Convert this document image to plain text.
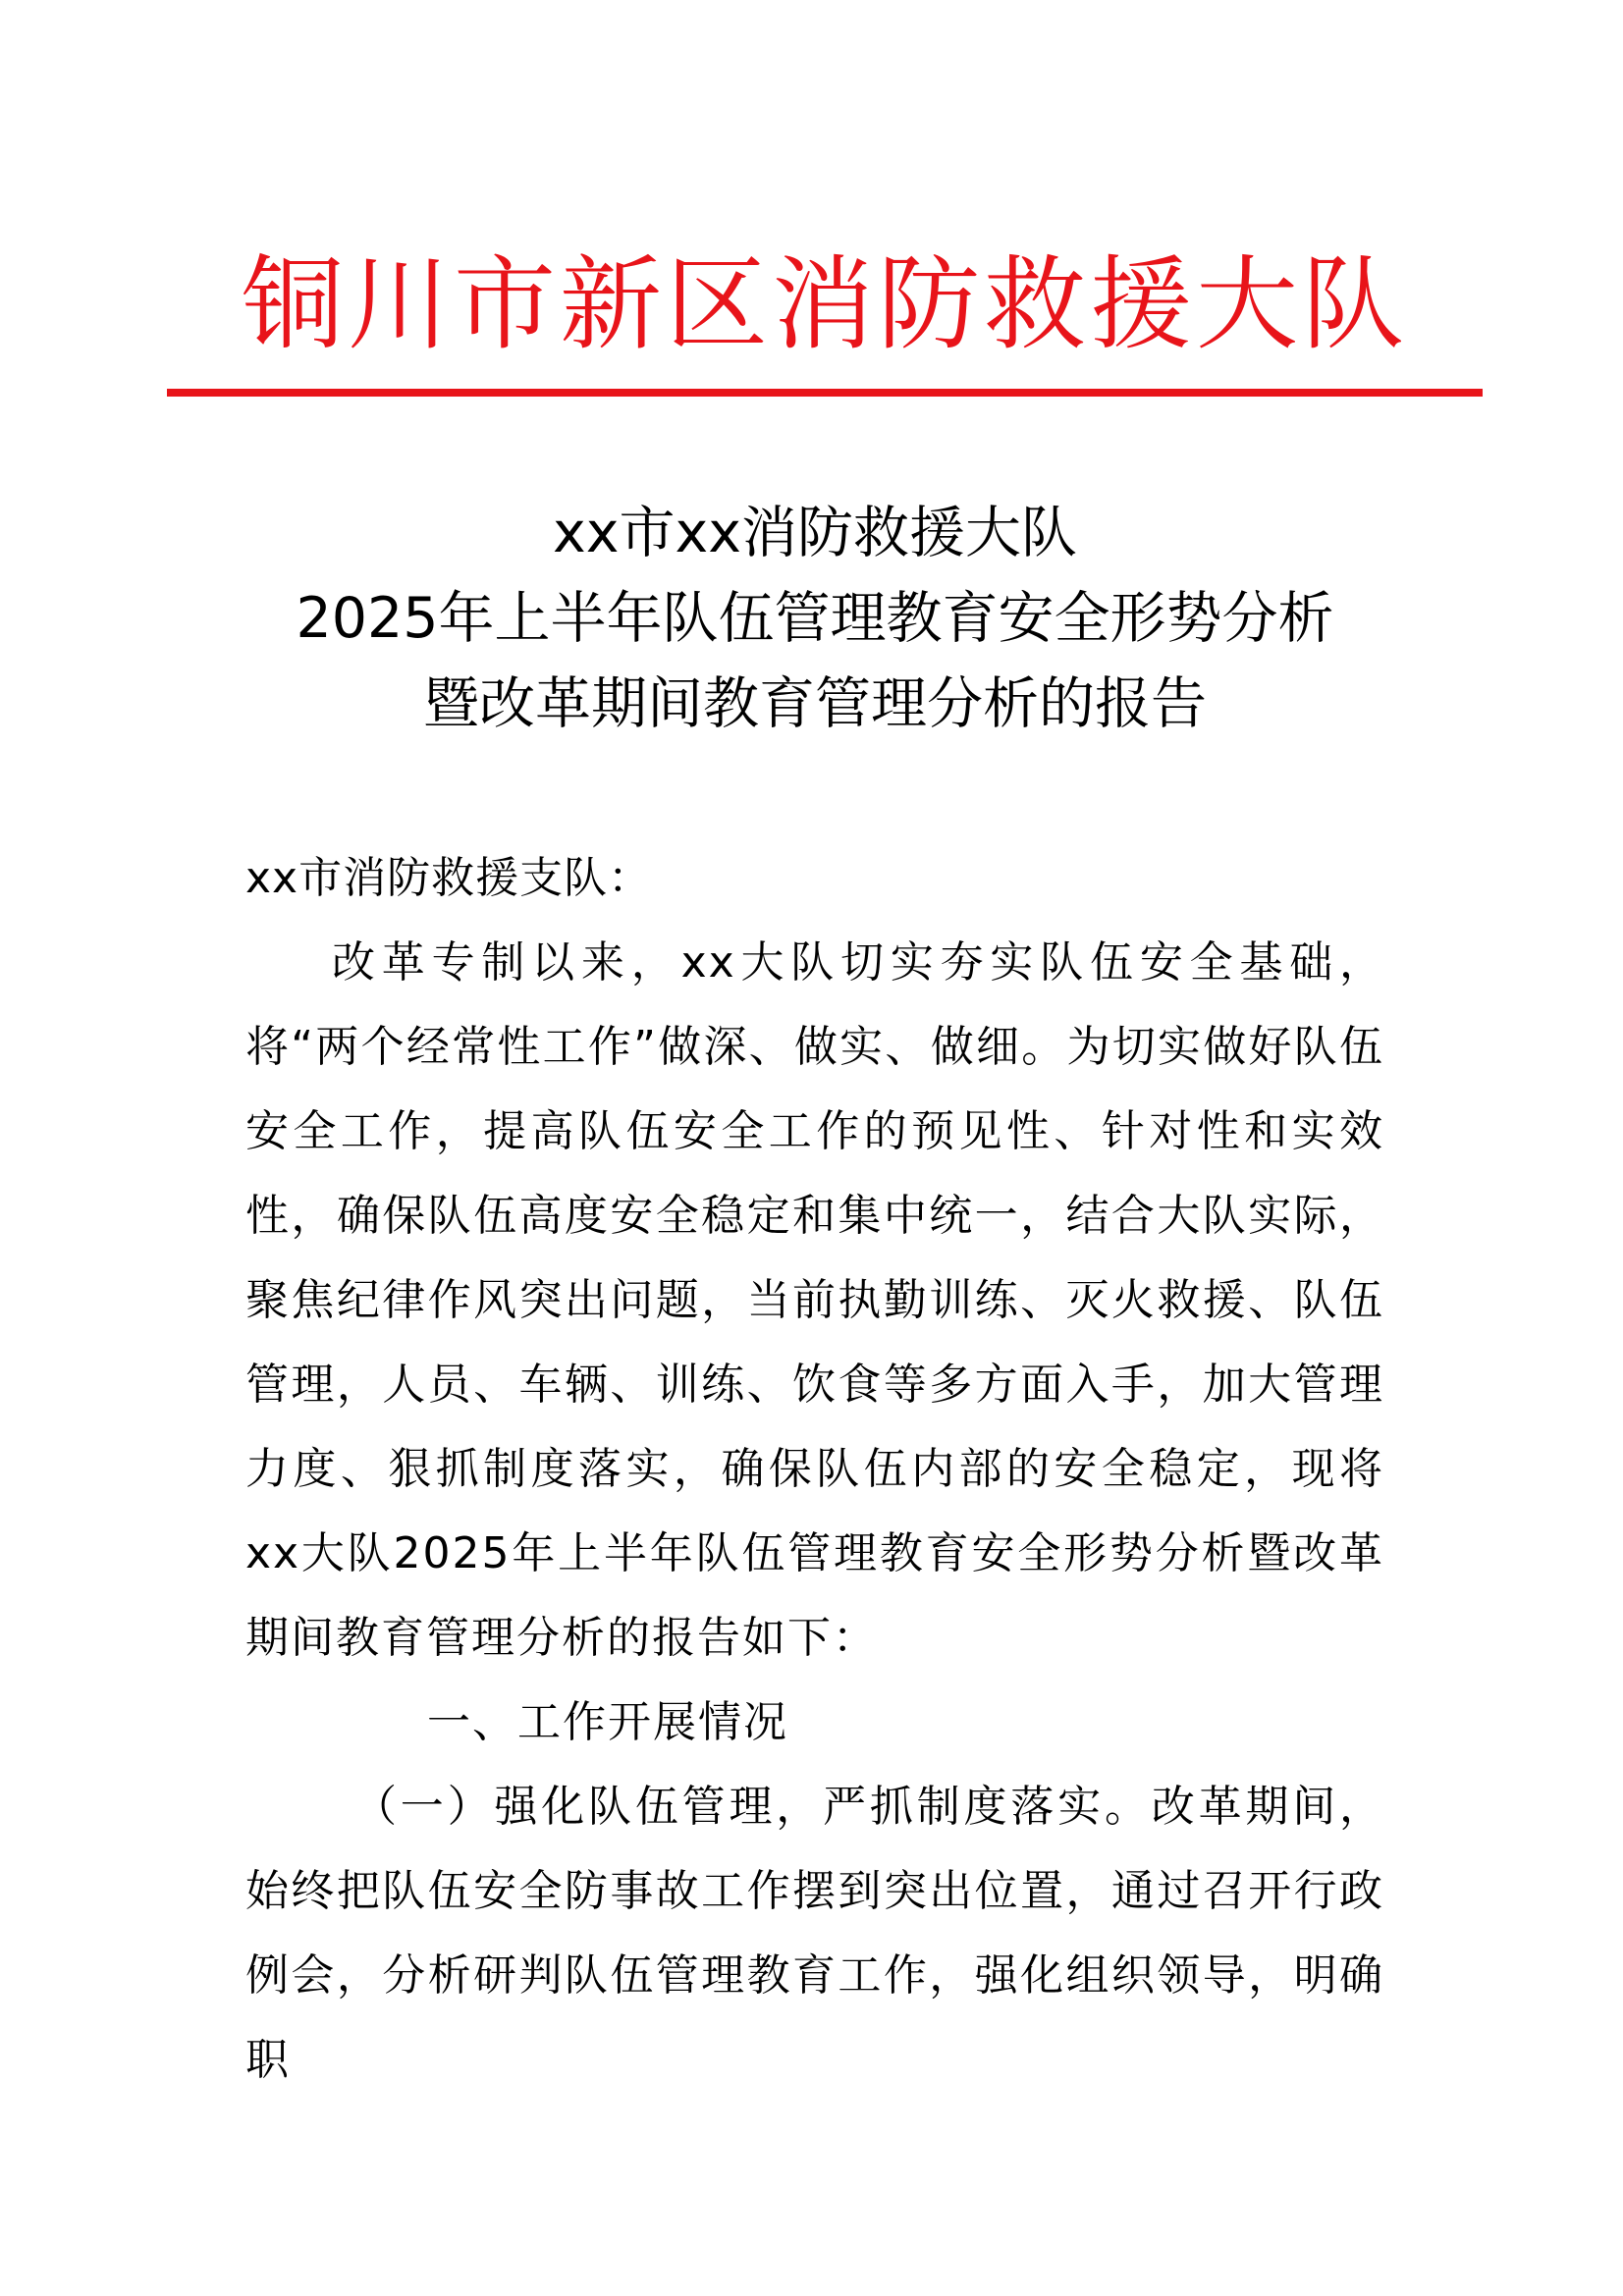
铜川市新区消防救援大队
xx市xx消防救援大队
2025年上半年队伍管理教育安全形势分析
暨改革期间教育管理分析的报告
xx市消防救援支队：

改革专制以来，xx大队切实夯实队伍安全基础，将“两个经常性工作”做深、做实、做细。为切实做好队伍安全工作，提高队伍安全工作的预见性、针对性和实效性，确保队伍高度安全稳定和集中统一，结合大队实际，聚焦纪律作风突出问题，当前执勤训练、灭火救援、队伍管理，人员、车辆、训练、饮食等多方面入手，加大管理力度、狠抓制度落实，确保队伍内部的安全稳定，现将xx大队2025年上半年队伍管理教育安全形势分析暨改革期间教育管理分析的报告如下：

一、工作开展情况

（一）强化队伍管理，严抓制度落实。改革期间，始终把队伍安全防事故工作摆到突出位置，通过召开行政例会，分析研判队伍管理教育工作，强化组织领导，明确职
